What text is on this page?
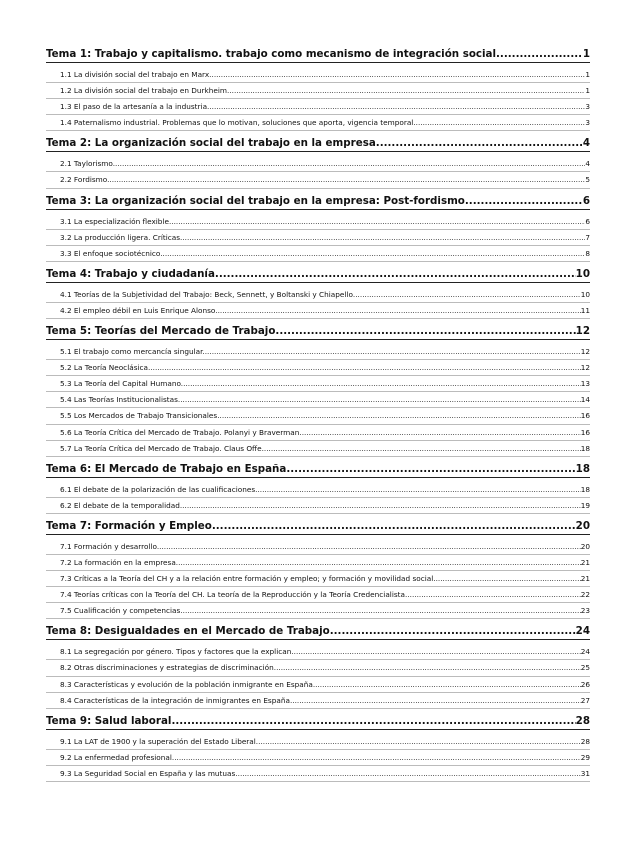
Tema 1: Trabajo y capitalismo. trabajo como mecanismo de integración social .....	1
1.1 La división social del trabajo en Marx. .....	1
1.2 La división social del trabajo en Durkheim. .....	1
1.3 El paso de la artesanía a la industria .....	3
1.4 Paternalismo industrial. Problemas que lo motivan, soluciones que aporta, vigencia temporal. .....	3
Tema 2: La organización social del trabajo en la empresa .....	4
2.1 Taylorismo. .....	4
2.2 Fordismo. .....	5
Tema 3: La organización social del trabajo en la empresa: Post-fordismo. .....	6
3.1 La especialización flexible. .....	6
3.2 La producción ligera. Críticas .....	7
3.3 El enfoque sociotécnico. .....	8
Tema 4: Trabajo y ciudadanía .....	10
4.1 Teorías de la Subjetividad del Trabajo: Beck, Sennett, y Boltanski y Chiapello .....	10
4.2 El empleo débil en Luis Enrique Alonso. .....	11
Tema 5: Teorías del Mercado de Trabajo .....	12
5.1 El trabajo como mercancía singular. .....	12
5.2 La Teoría Neoclásica. .....	12
5.3 La Teoría del Capital Humano. .....	13
5.4 Las Teorías Institucionalistas. .....	14
5.5 Los Mercados de Trabajo Transicionales. .....	16
5.6 La Teoría Crítica del Mercado de Trabajo. Polanyi y Braverman .....	16
5.7 La Teoría Crítica del Mercado de Trabajo. Claus Offe .....	18
Tema 6: El Mercado de Trabajo en España .....	18
6.1 El debate de la polarización de las cualificaciones. .....	18
6.2 El debate de la temporalidad .....	19
Tema 7: Formación y Empleo .....	20
7.1 Formación y desarrollo. .....	20
7.2 La formación en la empresa. .....	21
7.3 Críticas a la Teoría del CH y a la relación entre formación y empleo; y formación y movilidad social. .....	21
7.4 Teorías críticas con la Teoría del CH. La teoría de la Reproducción y la Teoría Credencialista. .....	22
7.5 Cualificación y competencias. .....	23
Tema 8: Desigualdades en el Mercado de Trabajo .....	24
8.1 La segregación por género. Tipos y factores que la explican. .....	24
8.2 Otras discriminaciones y estrategias de discriminación. .....	25
8.3 Características y evolución de la población inmigrante en España. .....	26
8.4 Características de la integración de inmigrantes en España .....	27
Tema 9: Salud laboral .....	28
9.1 La LAT de 1900 y la superación del Estado Liberal. .....	28
9.2 La enfermedad profesional. .....	29
9.3 La Seguridad Social en España y las mutuas. .....	31
